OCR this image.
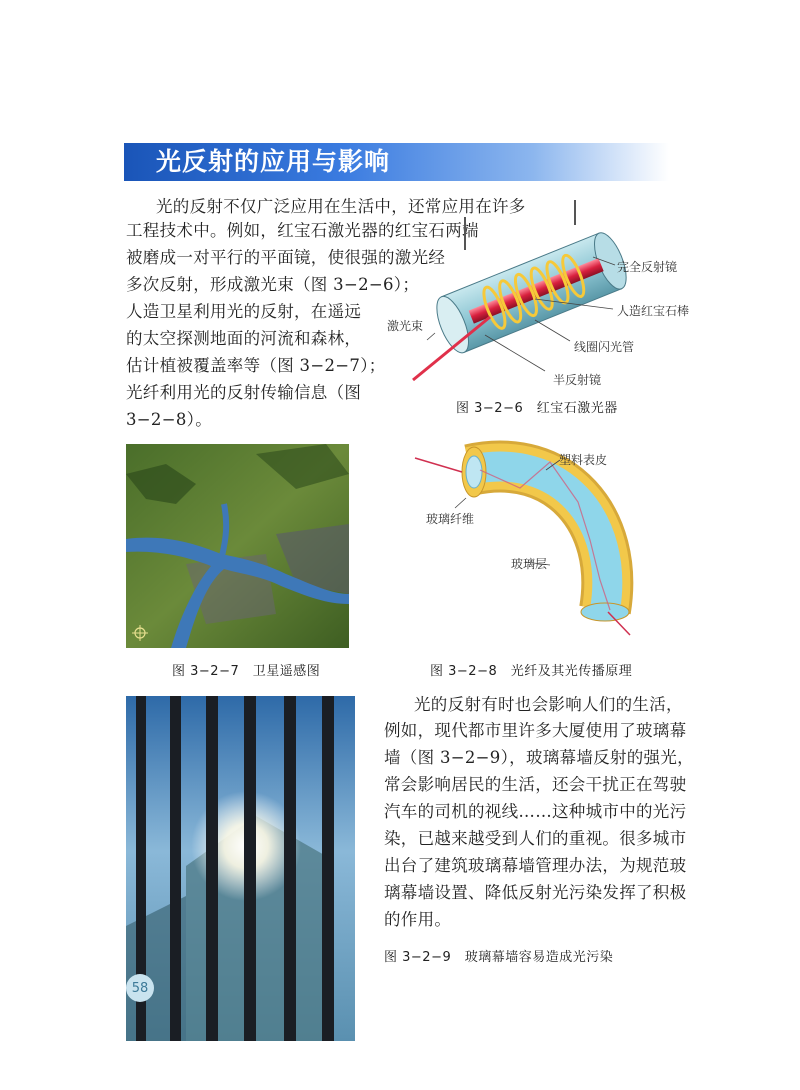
光反射的应用与影响
光的反射不仅广泛应用在生活中，还常应用在许多
工程技术中。例如，红宝石激光器的红宝石两端
被磨成一对平行的平面镜，使很强的激光经
多次反射，形成激光束（图 3−2−6）；
人造卫星利用光的反射，在遥远
的太空探测地面的河流和森林，
估计植被覆盖率等（图 3−2−7）；
光纤利用光的反射传输信息（图
3−2−8）。
完全反射镜
人造红宝石棒
激光束
线圈闪光管
半反射镜
图 3−2−6　红宝石激光器
图 3−2−7　卫星遥感图
塑料表皮
玻璃纤维
玻璃层
图 3−2−8　光纤及其光传播原理
58
光的反射有时也会影响人们的生活，
例如，现代都市里许多大厦使用了玻璃幕
墙（图 3−2−9），玻璃幕墙反射的强光，
常会影响居民的生活，还会干扰正在驾驶
汽车的司机的视线……这种城市中的光污
染，已越来越受到人们的重视。很多城市
出台了建筑玻璃幕墙管理办法，为规范玻
璃幕墙设置、降低反射光污染发挥了积极
的作用。
图 3−2−9　玻璃幕墙容易造成光污染
